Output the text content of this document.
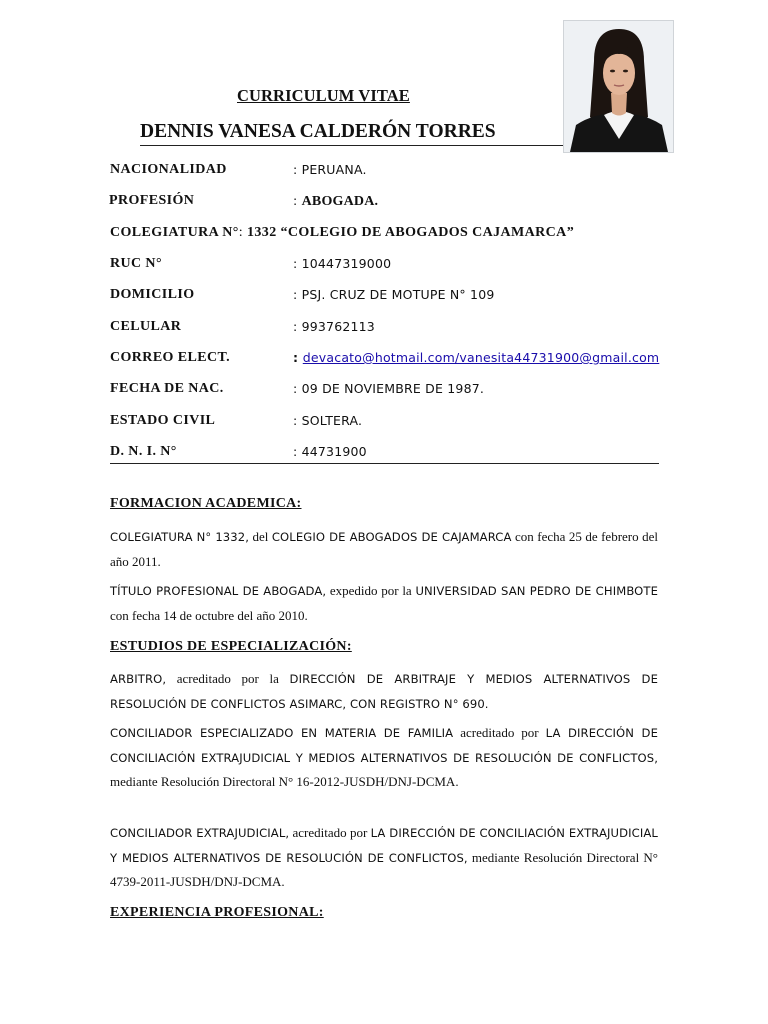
CURRICULUM VITAE
DENNIS VANESA CALDERÓN TORRES
NACIONALIDAD	: PERUANA.
PROFESIÓN	: ABOGADA.
COLEGIATURA N°: 1332 “COLEGIO DE ABOGADOS CAJAMARCA”
RUC N°	: 10447319000
DOMICILIO	: PSJ. CRUZ DE MOTUPE N° 109
CELULAR	: 993762113
CORREO ELECT.	: devacato@hotmail.com/vanesita44731900@gmail.com
FECHA DE NAC.	: 09 DE NOVIEMBRE DE 1987.
ESTADO CIVIL	: SOLTERA.
D. N. I. N°	: 44731900
FORMACION ACADEMICA:
COLEGIATURA N° 1332, del COLEGIO DE ABOGADOS DE CAJAMARCA con fecha 25 de febrero del año 2011.
TÍTULO PROFESIONAL DE ABOGADA, expedido por la UNIVERSIDAD SAN PEDRO DE CHIMBOTE con fecha 14 de octubre del año 2010.
ESTUDIOS DE ESPECIALIZACIÓN:
ARBITRO, acreditado por la DIRECCIÓN DE ARBITRAJE Y MEDIOS ALTERNATIVOS DE RESOLUCIÓN DE CONFLICTOS ASIMARC, CON REGISTRO N° 690.
CONCILIADOR ESPECIALIZADO EN MATERIA DE FAMILIA acreditado por LA DIRECCIÓN DE CONCILIACIÓN EXTRAJUDICIAL Y MEDIOS ALTERNATIVOS DE RESOLUCIÓN DE CONFLICTOS, mediante Resolución Directoral N° 16-2012-JUSDH/DNJ-DCMA.
CONCILIADOR EXTRAJUDICIAL, acreditado por LA DIRECCIÓN DE CONCILIACIÓN EXTRAJUDICIAL Y MEDIOS ALTERNATIVOS DE RESOLUCIÓN DE CONFLICTOS, mediante Resolución Directoral N° 4739-2011-JUSDH/DNJ-DCMA.
EXPERIENCIA PROFESIONAL:
